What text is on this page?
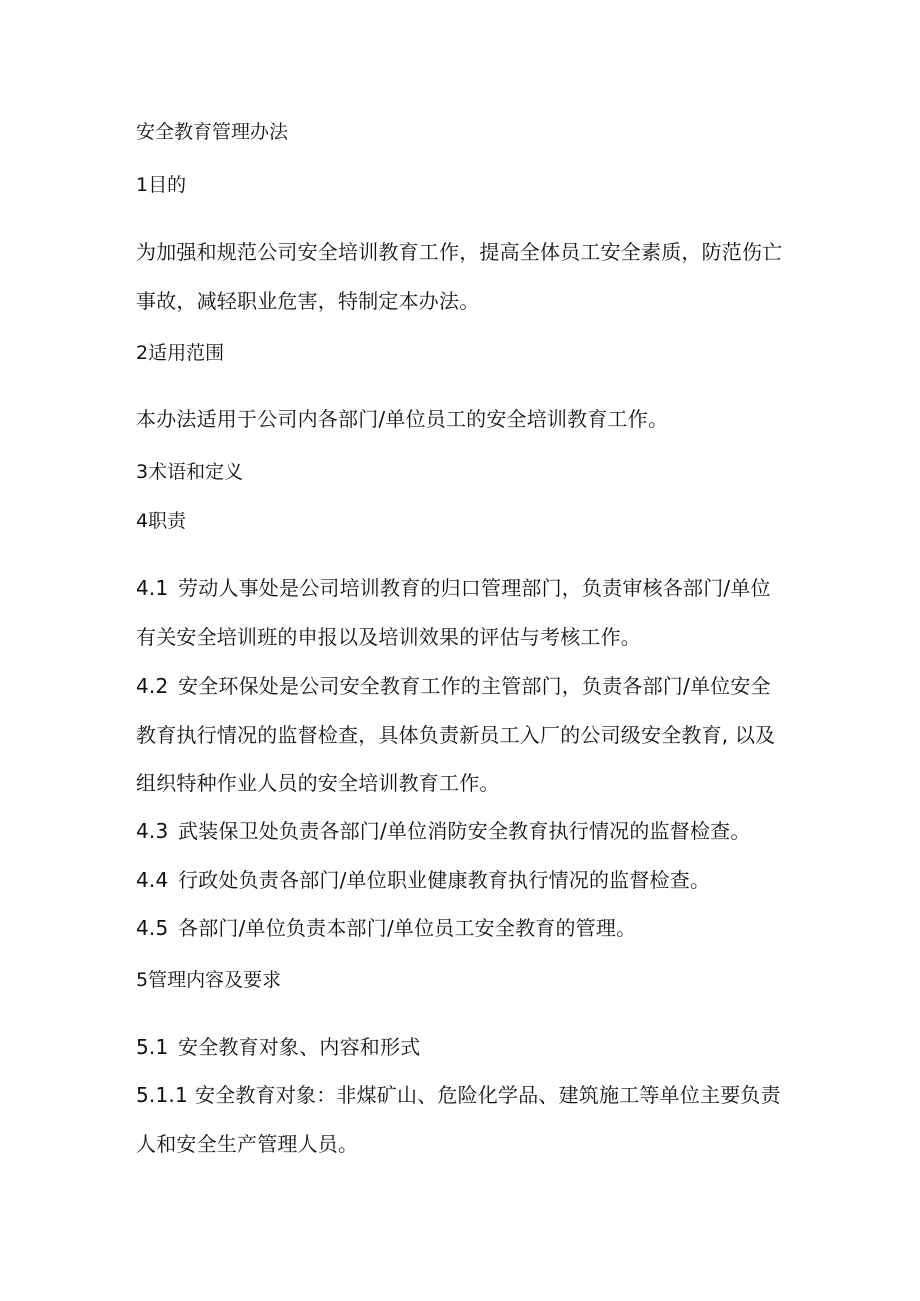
安全教育管理办法
1目的
为加强和规范公司安全培训教育工作，提高全体员工安全素质，防范伤亡
事故，减轻职业危害，特制定本办法。
2适用范围
本办法适用于公司内各部门/单位员工的安全培训教育工作。
3术语和定义
4职责
4.1 劳动人事处是公司培训教育的归口管理部门，负责审核各部门/单位
有关安全培训班的申报以及培训效果的评估与考核工作。
4.2 安全环保处是公司安全教育工作的主管部门，负责各部门/单位安全
教育执行情况的监督检查，具体负责新员工入厂的公司级安全教育, 以及
组织特种作业人员的安全培训教育工作。
4.3 武装保卫处负责各部门/单位消防安全教育执行情况的监督检查。
4.4 行政处负责各部门/单位职业健康教育执行情况的监督检查。
4.5 各部门/单位负责本部门/单位员工安全教育的管理。
5管理内容及要求
5.1 安全教育对象、内容和形式
5.1.1 安全教育对象：非煤矿山、危险化学品、建筑施工等单位主要负责
人和安全生产管理人员。
